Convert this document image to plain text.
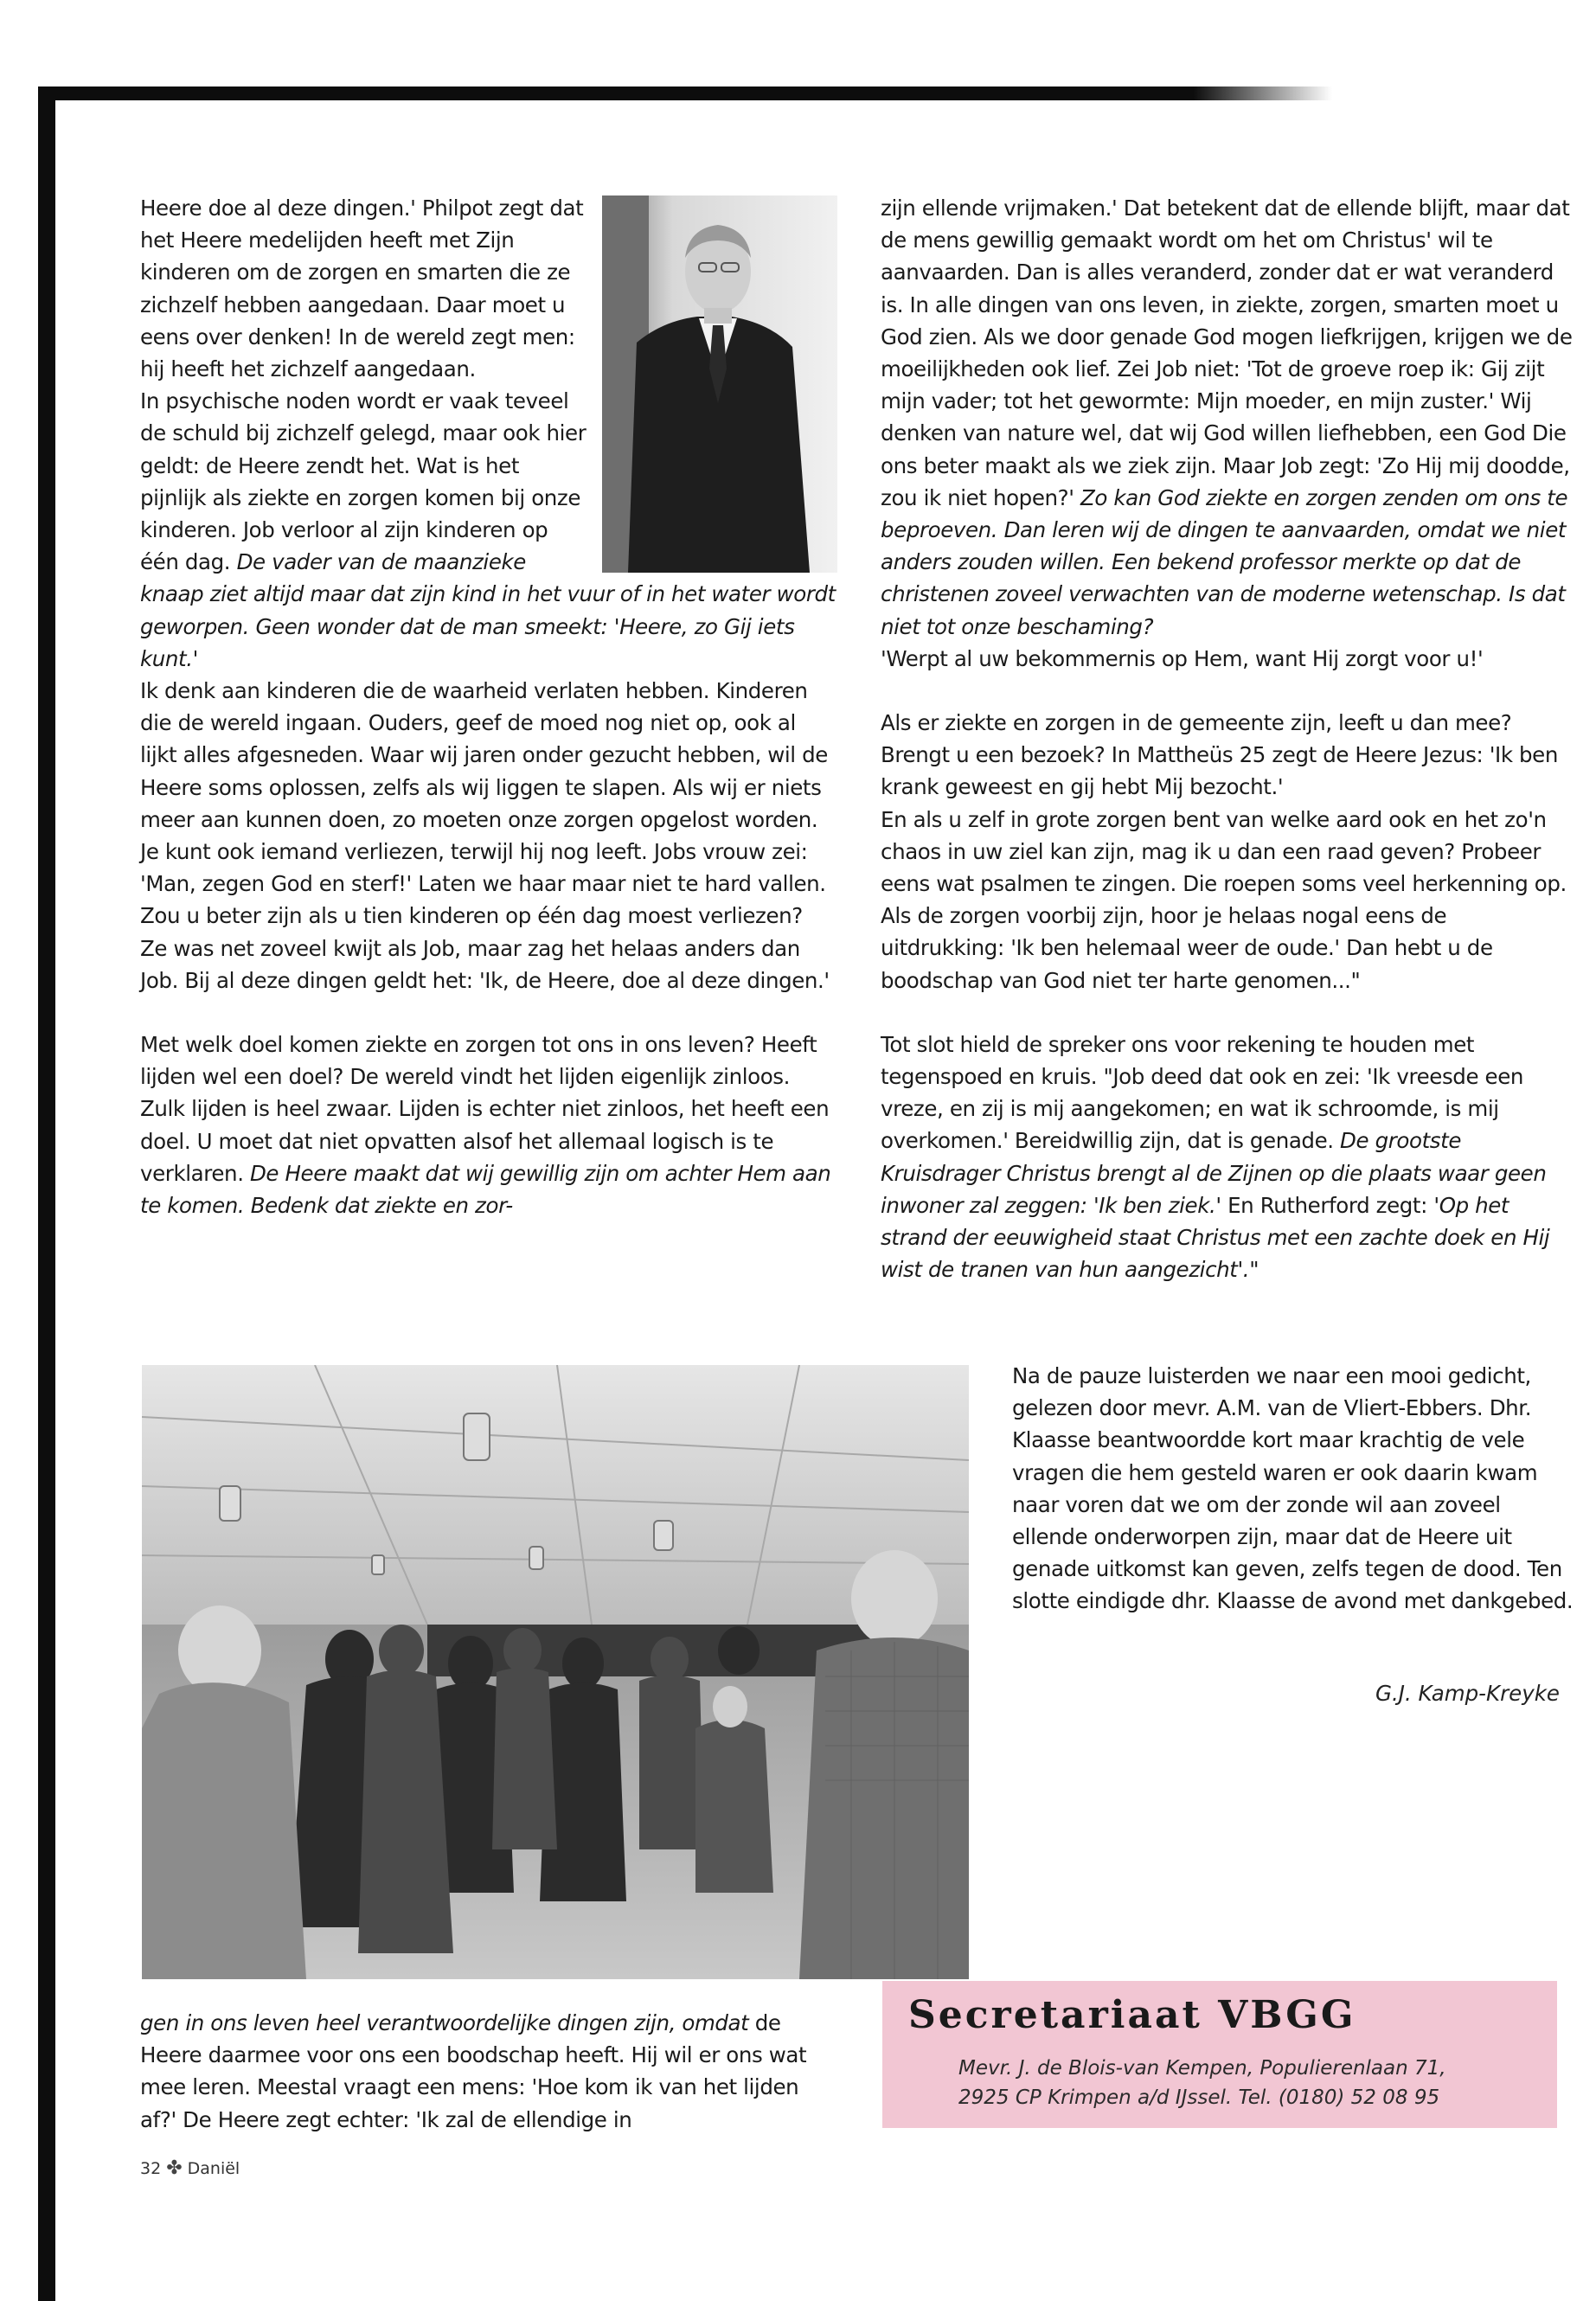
Heere doe al deze dingen.' Philpot zegt dat het Heere medelijden heeft met Zijn kinderen om de zorgen en smarten die ze zichzelf hebben aangedaan. Daar moet u eens over denken! In de wereld zegt men: hij heeft het zichzelf aangedaan.

In psychische noden wordt er vaak teveel de schuld bij zichzelf gelegd, maar ook hier geldt: de Heere zendt het. Wat is het pijnlijk als ziekte en zorgen komen bij onze kinderen. Job verloor al zijn kinderen op één dag. De vader van de maanzieke knaap ziet altijd maar dat zijn kind in het vuur of in het water wordt geworpen. Geen wonder dat de man smeekt: 'Heere, zo Gij iets kunt.'

Ik denk aan kinderen die de waarheid verlaten hebben. Kinderen die de wereld ingaan. Ouders, geef de moed nog niet op, ook al lijkt alles afgesneden. Waar wij jaren onder gezucht hebben, wil de Heere soms oplossen, zelfs als wij liggen te slapen. Als wij er niets meer aan kunnen doen, zo moeten onze zorgen opgelost worden.

Je kunt ook iemand verliezen, terwijl hij nog leeft. Jobs vrouw zei: 'Man, zegen God en sterf!' Laten we haar maar niet te hard vallen. Zou u beter zijn als u tien kinderen op één dag moest verliezen? Ze was net zoveel kwijt als Job, maar zag het helaas anders dan Job. Bij al deze dingen geldt het: 'Ik, de Heere, doe al deze dingen.'

Met welk doel komen ziekte en zorgen tot ons in ons leven? Heeft lijden wel een doel? De wereld vindt het lijden eigenlijk zinloos. Zulk lijden is heel zwaar. Lijden is echter niet zinloos, het heeft een doel. U moet dat niet opvatten alsof het allemaal logisch is te verklaren. De Heere maakt dat wij gewillig zijn om achter Hem aan te komen. Bedenk dat ziekte en zor-

zijn ellende vrijmaken.' Dat betekent dat de ellende blijft, maar dat de mens gewillig gemaakt wordt om het om Christus' wil te aanvaarden. Dan is alles veranderd, zonder dat er wat veranderd is. In alle dingen van ons leven, in ziekte, zorgen, smarten moet u God zien. Als we door genade God mogen liefkrijgen, krijgen we de moeilijkheden ook lief. Zei Job niet: 'Tot de groeve roep ik: Gij zijt mijn vader; tot het gewormte: Mijn moeder, en mijn zuster.' Wij denken van nature wel, dat wij God willen liefhebben, een God Die ons beter maakt als we ziek zijn. Maar Job zegt: 'Zo Hij mij doodde, zou ik niet hopen?' Zo kan God ziekte en zorgen zenden om ons te beproeven. Dan leren wij de dingen te aanvaarden, omdat we niet anders zouden willen. Een bekend professor merkte op dat de christenen zoveel verwachten van de moderne wetenschap. Is dat niet tot onze beschaming?

'Werpt al uw bekommernis op Hem, want Hij zorgt voor u!'

Als er ziekte en zorgen in de gemeente zijn, leeft u dan mee? Brengt u een bezoek? In Mattheüs 25 zegt de Heere Jezus: 'Ik ben krank geweest en gij hebt Mij bezocht.'

En als u zelf in grote zorgen bent van welke aard ook en het zo'n chaos in uw ziel kan zijn, mag ik u dan een raad geven? Probeer eens wat psalmen te zingen. Die roepen soms veel herkenning op. Als de zorgen voorbij zijn, hoor je helaas nogal eens de uitdrukking: 'Ik ben helemaal weer de oude.' Dan hebt u de boodschap van God niet ter harte genomen..."

Tot slot hield de spreker ons voor rekening te houden met tegenspoed en kruis. "Job deed dat ook en zei: 'Ik vreesde een vreze, en zij is mij aangekomen; en wat ik schroomde, is mij overkomen.' Bereidwillig zijn, dat is genade. De grootste Kruisdrager Christus brengt al de Zijnen op die plaats waar geen inwoner zal zeggen: 'Ik ben ziek.' En Rutherford zegt: 'Op het strand der eeuwigheid staat Christus met een zachte doek en Hij wist de tranen van hun aangezicht'."

Na de pauze luisterden we naar een mooi gedicht, gelezen door mevr. A.M. van de Vliert-Ebbers. Dhr. Klaasse beantwoordde kort maar krachtig de vele vragen die hem gesteld waren er ook daarin kwam naar voren dat we om der zonde wil aan zoveel ellende onderworpen zijn, maar dat de Heere uit genade uitkomst kan geven, zelfs tegen de dood. Ten slotte eindigde dhr. Klaasse de avond met dankgebed.

G.J. Kamp-Kreyke

gen in ons leven heel verantwoordelijke dingen zijn, omdat de Heere daarmee voor ons een boodschap heeft. Hij wil er ons wat mee leren. Meestal vraagt een mens: 'Hoe kom ik van het lijden af?' De Heere zegt echter: 'Ik zal de ellendige in

Secretariaat VBGG
Mevr. J. de Blois-van Kempen, Populierenlaan 71,
2925 CP Krimpen a/d IJssel. Tel. (0180) 52 08 95
32 ✤ Daniël
